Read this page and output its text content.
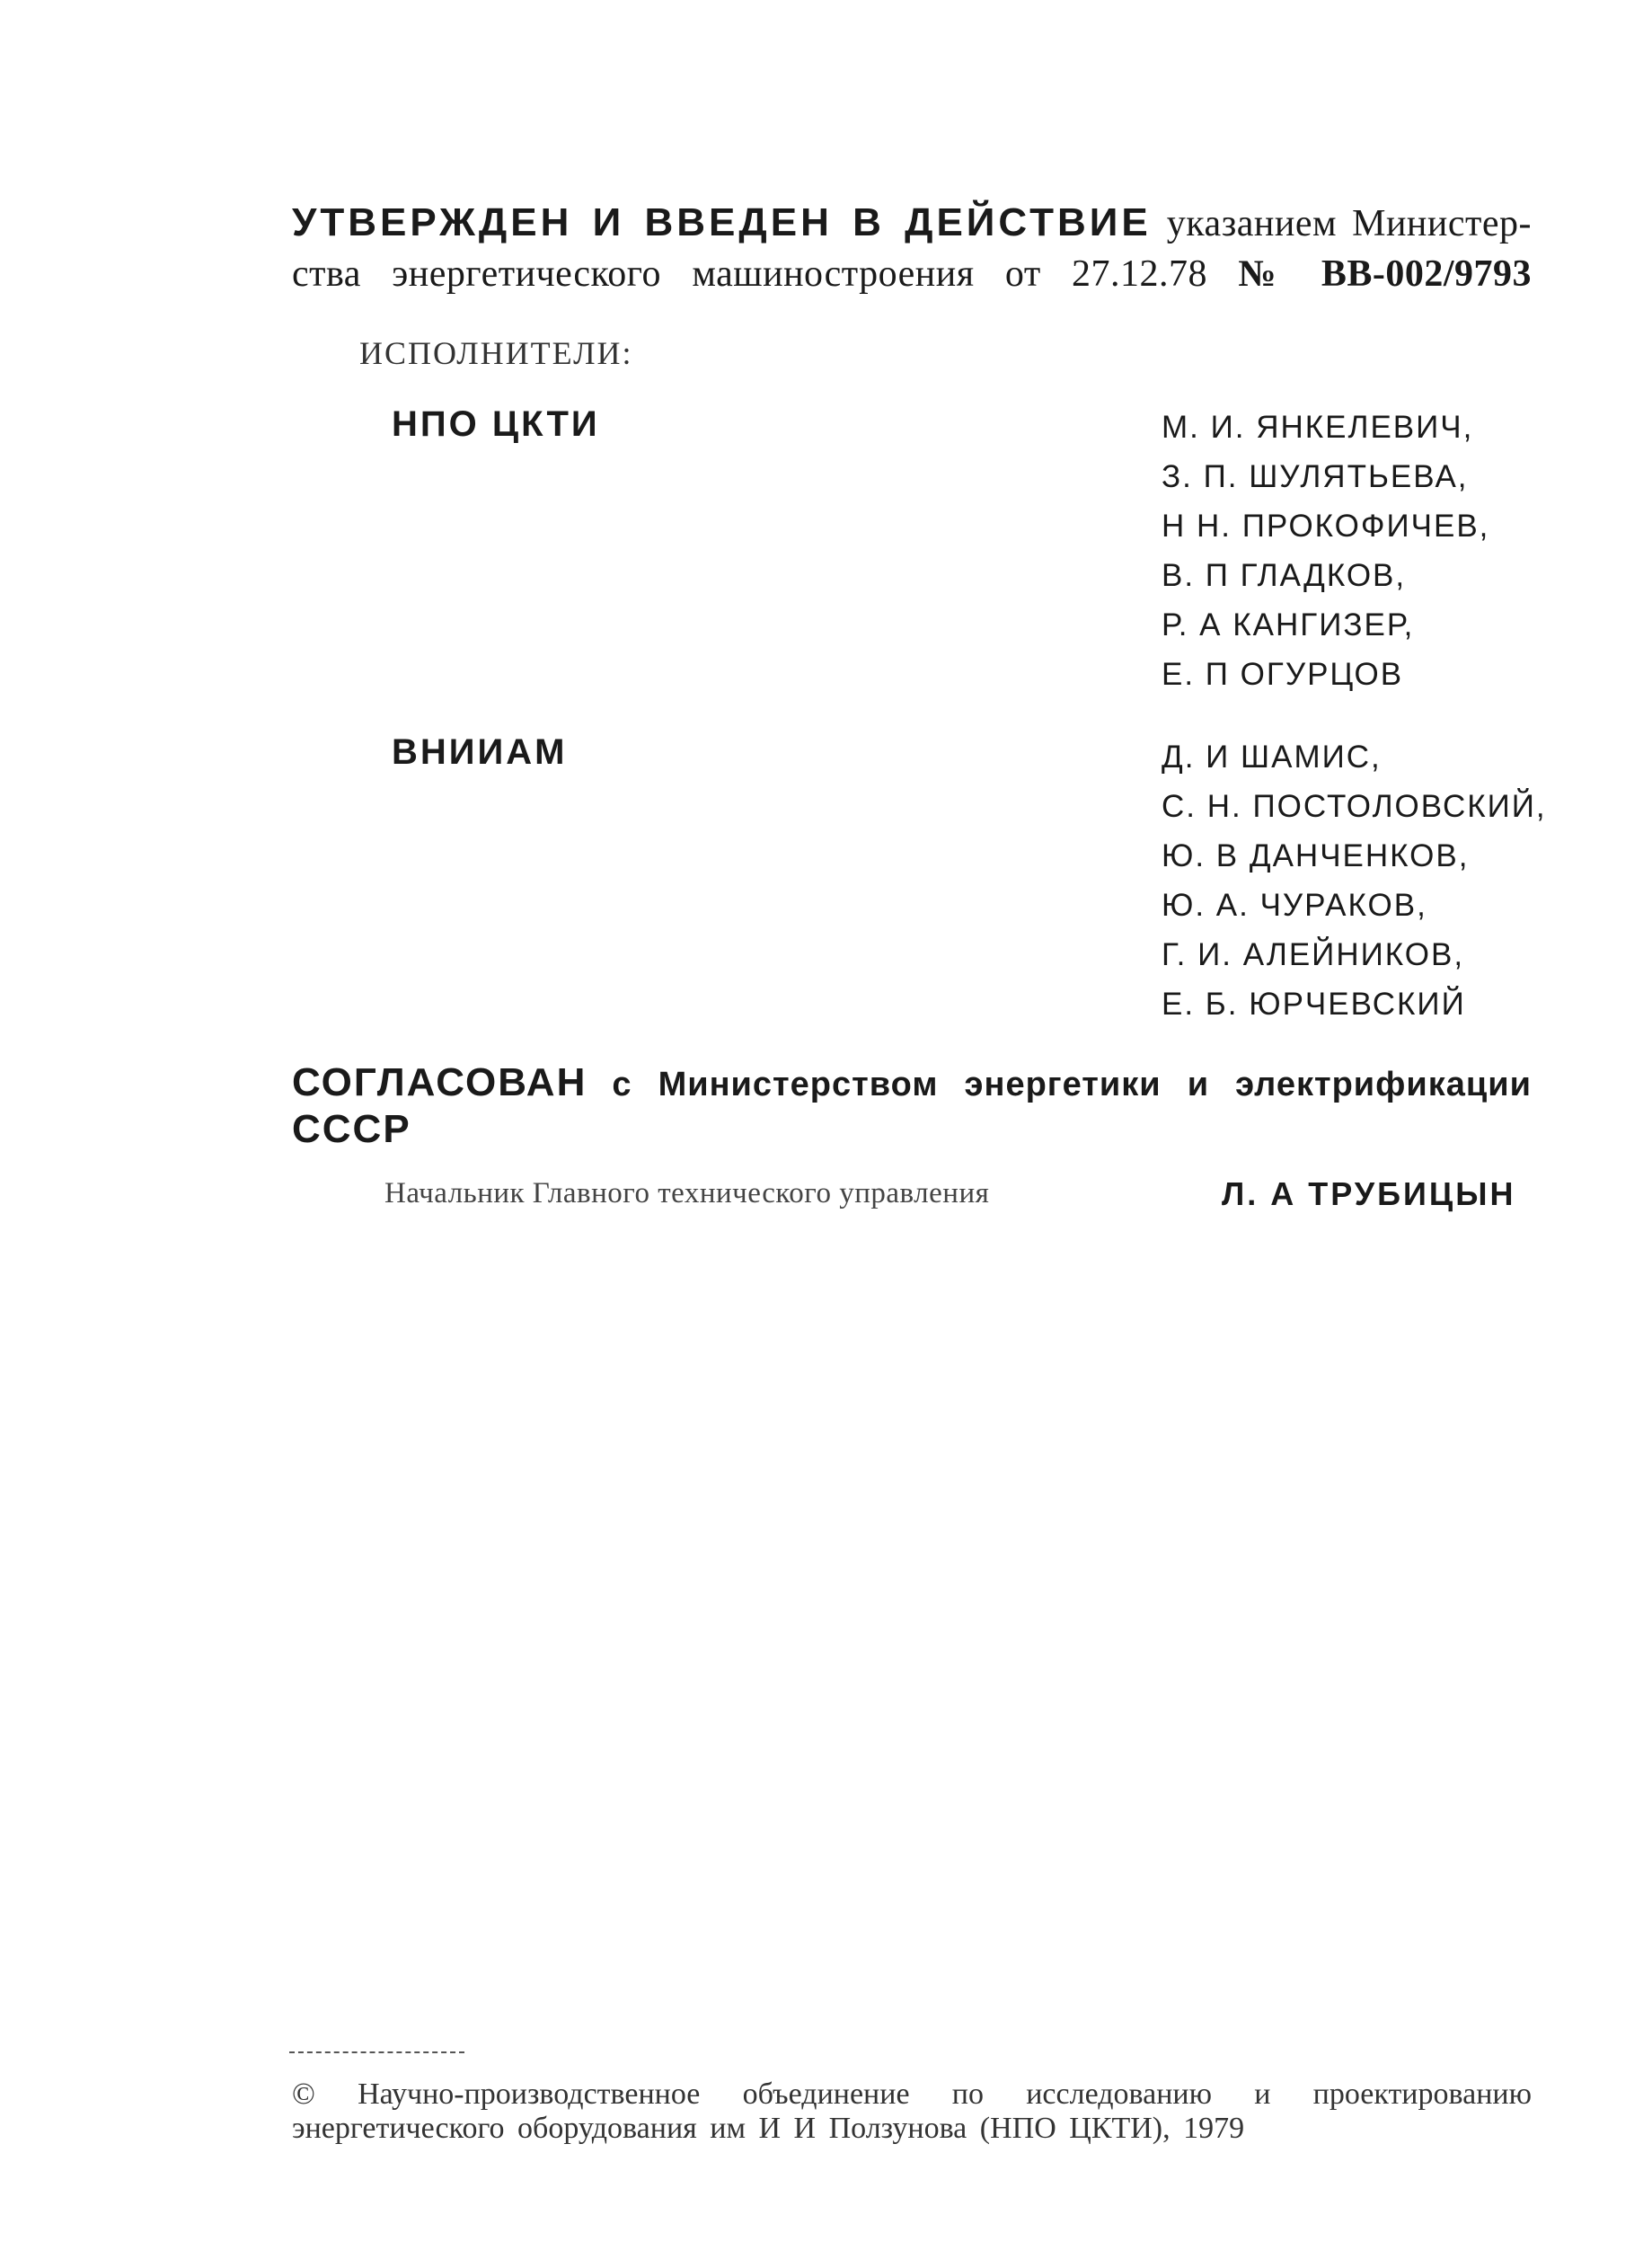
УТВЕРЖДЕН И ВВЕДЕН В ДЕЙСТВИЕ указанием Министер-
ства энергетического машиностроения от 27.12.78 № ВВ-002/9793
ИСПОЛНИТЕЛИ:
НПО ЦКТИ	М. И. ЯНКЕЛЕВИЧ,
З. П. ШУЛЯТЬЕВА,
Н Н. ПРОКОФИЧЕВ,
В. П ГЛАДКОВ,
Р. А КАНГИЗЕР,
Е. П ОГУРЦОВ
ВНИИАМ	Д. И ШАМИС,
С. Н. ПОСТОЛОВСКИЙ,
Ю. В ДАНЧЕНКОВ,
Ю. А. ЧУРАКОВ,
Г. И. АЛЕЙНИКОВ,
Е. Б. ЮРЧЕВСКИЙ
СОГЛАСОВАН с Министерством энергетики и электрификации
СССР
Начальник Главного технического управления	Л. А ТРУБИЦЫН
© Научно-производственное объединение по исследованию и проектированию
энергетического оборудования им И И Ползунова (НПО ЦКТИ), 1979
